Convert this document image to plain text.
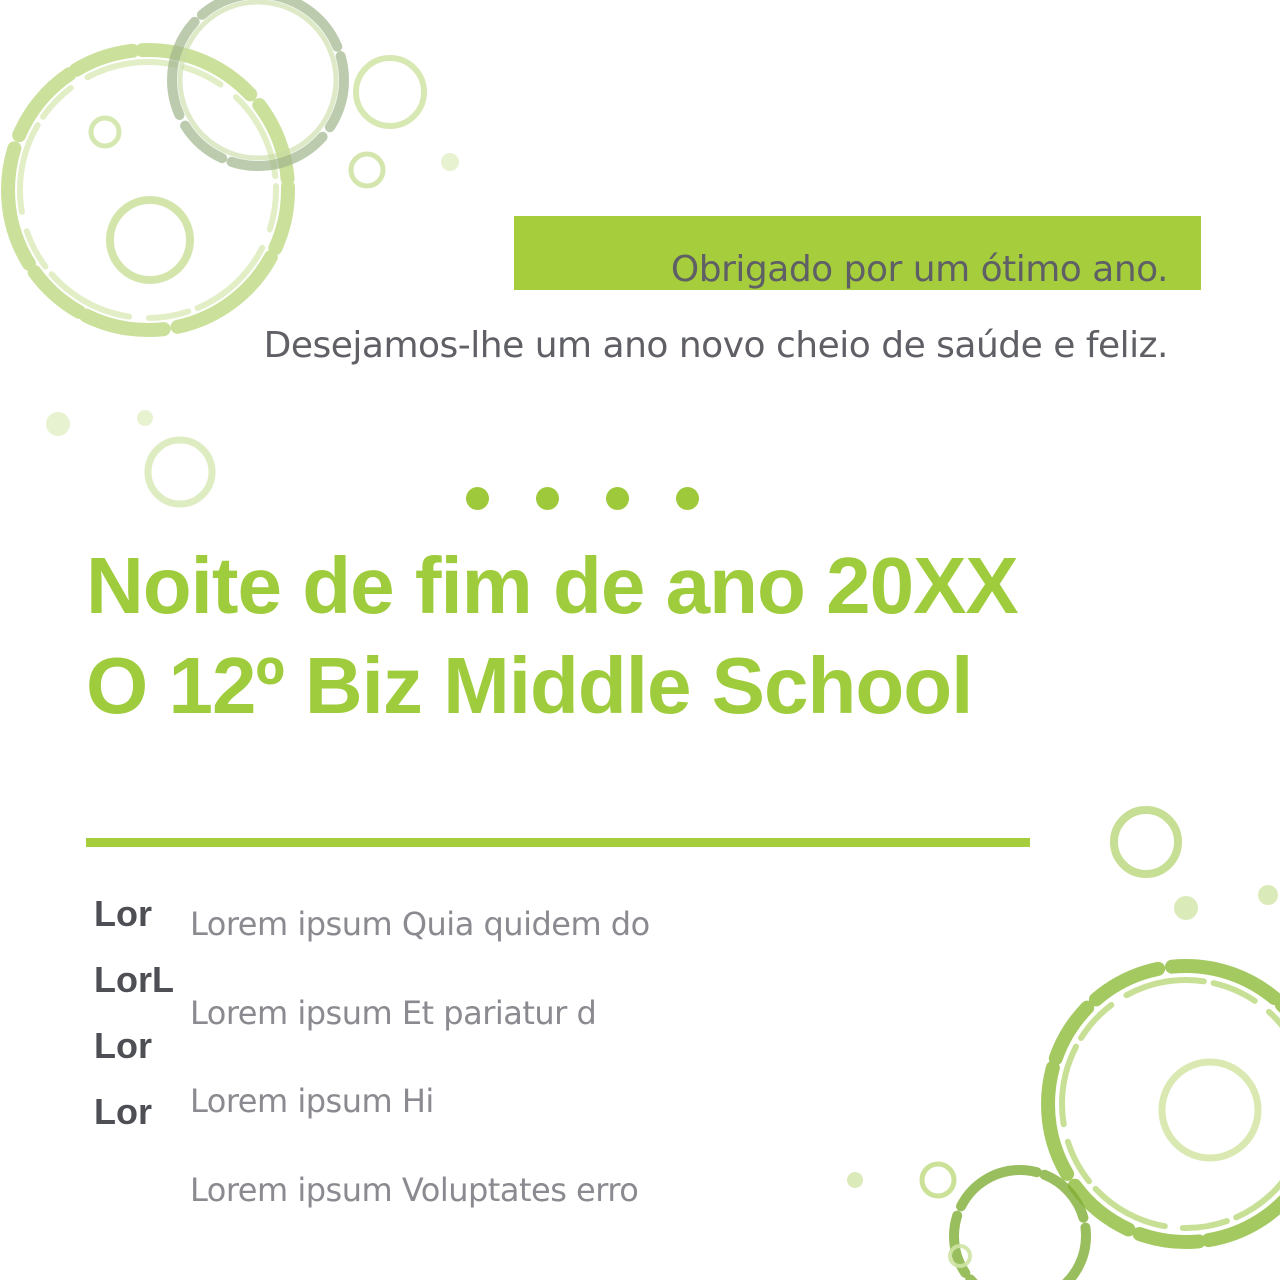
Obrigado por um ótimo ano.
Desejamos-lhe um ano novo cheio de saúde e feliz.
Noite de fim de ano 20XX
O 12º Biz Middle School
Lor
LorL
Lor
Lor
Lorem ipsum Quia quidem do
Lorem ipsum Et pariatur d
Lorem ipsum Hi
Lorem ipsum Voluptates erro
